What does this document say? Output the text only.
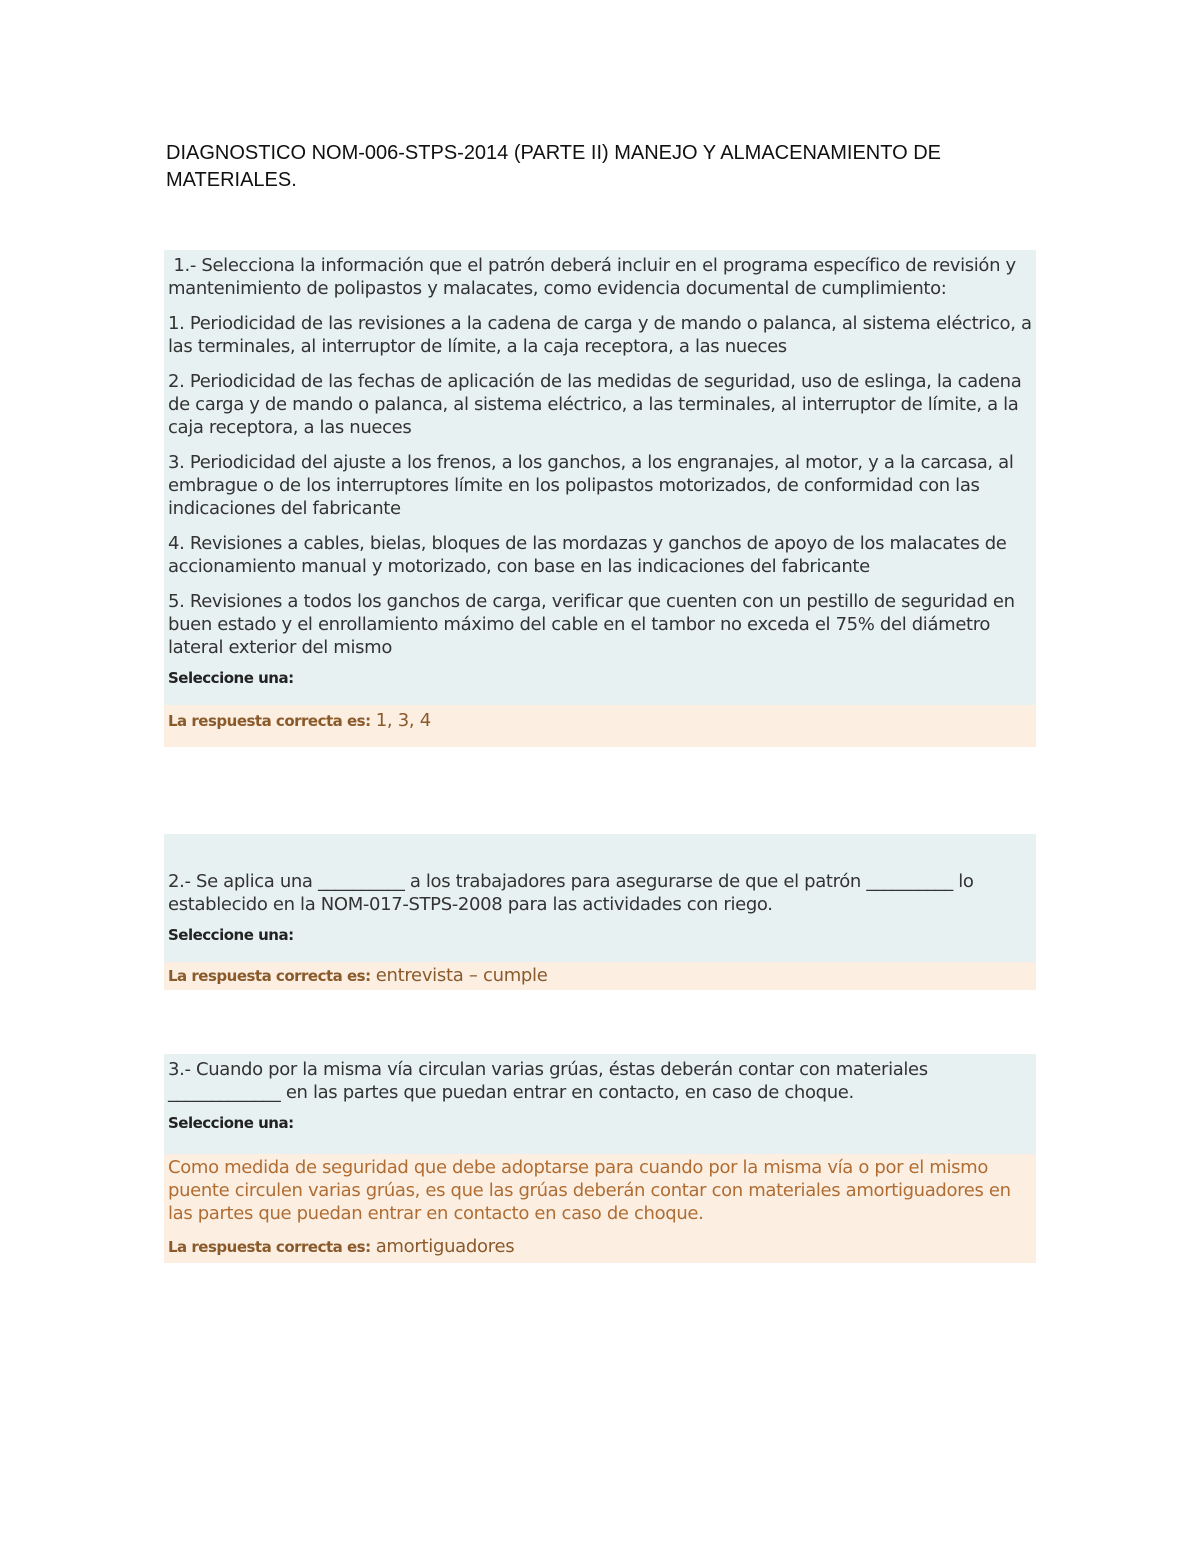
DIAGNOSTICO NOM-006-STPS-2014 (PARTE II) MANEJO Y ALMACENAMIENTO DE MATERIALES.

1.- Selecciona la información que el patrón deberá incluir en el programa específico de revisión y mantenimiento de polipastos y malacates, como evidencia documental de cumplimiento:

1. Periodicidad de las revisiones a la cadena de carga y de mando o palanca, al sistema eléctrico, a las terminales, al interruptor de límite, a la caja receptora, a las nueces

2. Periodicidad de las fechas de aplicación de las medidas de seguridad, uso de eslinga, la cadena de carga y de mando o palanca, al sistema eléctrico, a las terminales, al interruptor de límite, a la caja receptora, a las nueces

3. Periodicidad del ajuste a los frenos, a los ganchos, a los engranajes, al motor, y a la carcasa, al embrague o de los interruptores límite en los polipastos motorizados, de conformidad con las indicaciones del fabricante

4. Revisiones a cables, bielas, bloques de las mordazas y ganchos de apoyo de los malacates de accionamiento manual y motorizado, con base en las indicaciones del fabricante

5. Revisiones a todos los ganchos de carga, verificar que cuenten con un pestillo de seguridad en buen estado y el enrollamiento máximo del cable en el tambor no exceda el 75% del diámetro lateral exterior del mismo

Seleccione una:

La respuesta correcta es: 1, 3, 4

2.- Se aplica una __________ a los trabajadores para asegurarse de que el patrón __________ lo establecido en la NOM-017-STPS-2008 para las actividades con riego.

Seleccione una:

La respuesta correcta es: entrevista – cumple

3.- Cuando por la misma vía circulan varias grúas, éstas deberán contar con materiales _____________ en las partes que puedan entrar en contacto, en caso de choque.

Seleccione una:

Como medida de seguridad que debe adoptarse para cuando por la misma vía o por el mismo puente circulen varias grúas, es que las grúas deberán contar con materiales amortiguadores en las partes que puedan entrar en contacto en caso de choque.

La respuesta correcta es: amortiguadores
